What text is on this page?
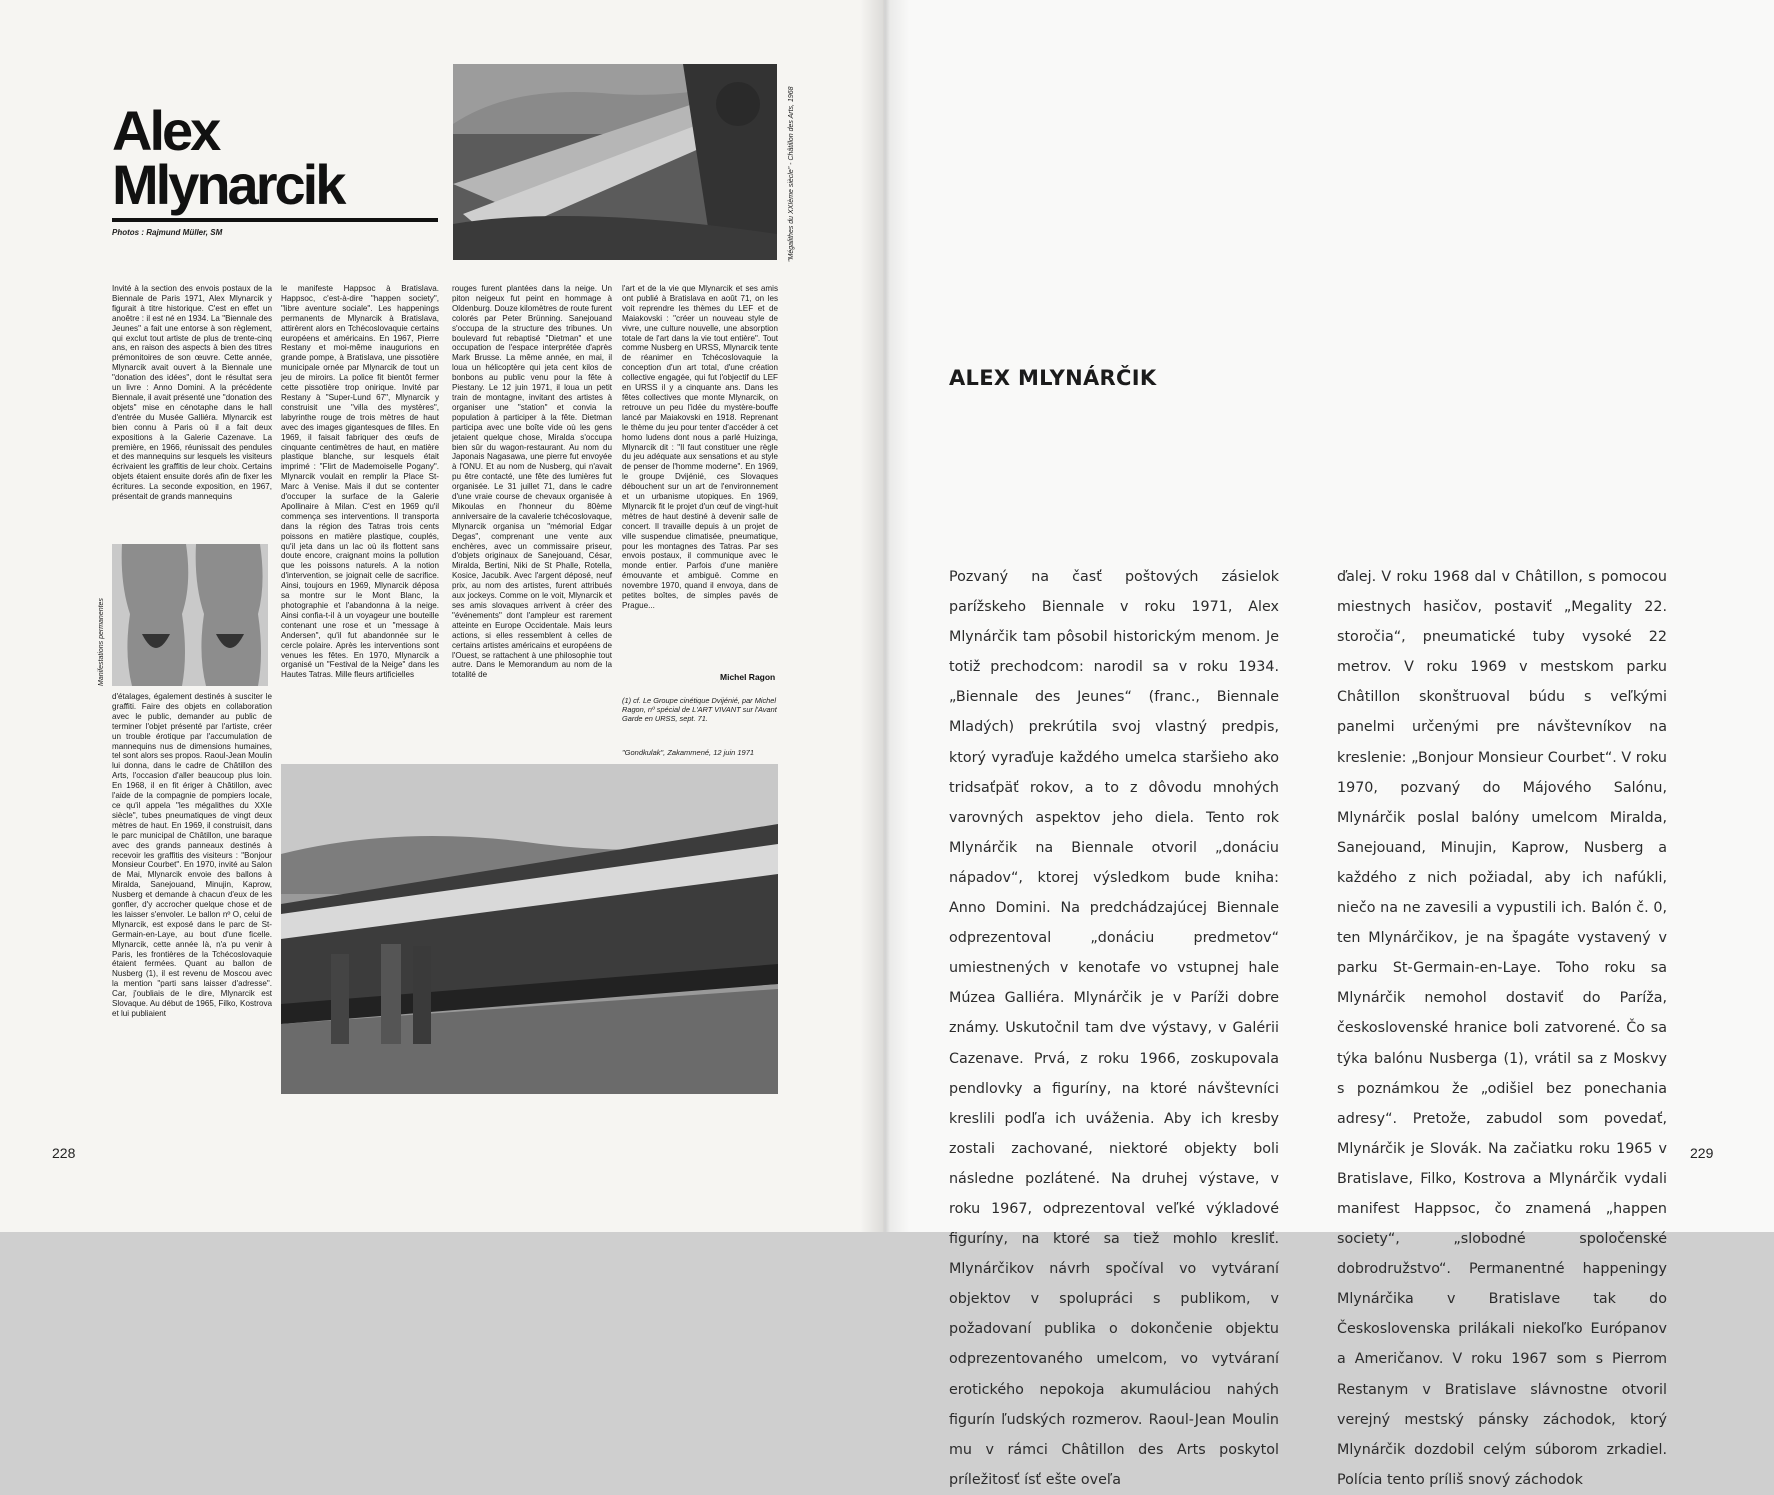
Alex
Mlynarcik
Photos : Rajmund Müller, SM	"Mégalithes du XXIème siècle" - Châtillon des Arts, 1968

Invité à la section des envois postaux de la Biennale de Paris 1971, Alex Mlynarcik y figurait à titre historique. C'est en effet un anoêtre : il est né en 1934. La "Biennale des Jeunes" a fait une entorse à son règlement, qui exclut tout artiste de plus de trente-cinq ans, en raison des aspects à bien des titres prémonitoires de son œuvre. Cette année, Mlynarcik avait ouvert à la Biennale une "donation des idées", dont le résultat sera un livre : Anno Domini. A la précédente Biennale, il avait présenté une "donation des objets" mise en cénotaphe dans le hall d'entrée du Musée Galliéra. Mlynarcik est bien connu à Paris où il a fait deux expositions à la Galerie Cazenave. La première, en 1966, réunissait des pendules et des mannequins sur lesquels les visiteurs écrivaient les graffitis de leur choix. Certains objets étaient ensuite dorés afin de fixer les écritures. La seconde exposition, en 1967, présentait de grands mannequins

Manifestations permanentes

d'étalages, également destinés à susciter le graffiti. Faire des objets en collaboration avec le public, demander au public de terminer l'objet présenté par l'artiste, créer un trouble érotique par l'accumulation de mannequins nus de dimensions humaines, tel sont alors ses propos. Raoul-Jean Moulin lui donna, dans le cadre de Châtillon des Arts, l'occasion d'aller beaucoup plus loin. En 1968, il en fit ériger à Châtillon, avec l'aide de la compagnie de pompiers locale, ce qu'il appela "les mégalithes du XXIe siècle", tubes pneumatiques de vingt deux mètres de haut. En 1969, il construisit, dans le parc municipal de Châtillon, une baraque avec des grands panneaux destinés à recevoir les graffitis des visiteurs : "Bonjour Monsieur Courbet". En 1970, invité au Salon de Mai, Mlynarcik envoie des ballons à Miralda, Sanejouand, Minujin, Kaprow, Nusberg et demande à chacun d'eux de les gonfler, d'y accrocher quelque chose et de les laisser s'envoler. Le ballon nº O, celui de Mlynarcik, est exposé dans le parc de St-Germain-en-Laye, au bout d'une ficelle. Mlynarcik, cette année là, n'a pu venir à Paris, les frontières de la Tchécoslovaquie étaient fermées. Quant au ballon de Nusberg (1), il est revenu de Moscou avec la mention "parti sans laisser d'adresse". Car, j'oubliais de le dire, Mlynarcik est Slovaque. Au début de 1965, Filko, Kostrova et lui publiaient

le manifeste Happsoc à Bratislava. Happsoc, c'est-à-dire "happen society", "libre aventure sociale". Les happenings permanents de Mlynarcik à Bratislava, attirèrent alors en Tchécoslovaquie certains européens et américains. En 1967, Pierre Restany et moi-même inaugurions en grande pompe, à Bratislava, une pissotière municipale ornée par Mlynarcik de tout un jeu de miroirs. La police fit bientôt fermer cette pissotière trop onirique. Invité par Restany à "Super-Lund 67", Mlynarcik y construisit une "villa des mystères", labyrinthe rouge de trois mètres de haut avec des images gigantesques de filles. En 1969, il faisait fabriquer des œufs de cinquante centimètres de haut, en matière plastique blanche, sur lesquels était imprimé : "Flirt de Mademoiselle Pogany". Mlynarcik voulait en remplir la Place St-Marc à Venise. Mais il dut se contenter d'occuper la surface de la Galerie Apollinaire à Milan. C'est en 1969 qu'il commença ses interventions. Il transporta dans la région des Tatras trois cents poissons en matière plastique, couplés, qu'il jeta dans un lac où ils flottent sans doute encore, craignant moins la pollution que les poissons naturels. A la notion d'intervention, se joignait celle de sacrifice. Ainsi, toujours en 1969, Mlynarcik déposa sa montre sur le Mont Blanc, la photographie et l'abandonna à la neige. Ainsi confia-t-il à un voyageur une bouteille contenant une rose et un "message à Andersen", qu'il fut abandonnée sur le cercle polaire. Après les interventions sont venues les fêtes. En 1970, Mlynarcik a organisé un "Festival de la Neige" dans les Hautes Tatras. Mille fleurs artificielles

rouges furent plantées dans la neige. Un piton neigeux fut peint en hommage à Oldenburg. Douze kilomètres de route furent colorés par Peter Brünning. Sanejouand s'occupa de la structure des tribunes. Un boulevard fut rebaptisé "Dietman" et une occupation de l'espace interprétée d'après Mark Brusse. La même année, en mai, il loua un hélicoptère qui jeta cent kilos de bonbons au public venu pour la fête à Piestany. Le 12 juin 1971, il loua un petit train de montagne, invitant des artistes à organiser une "station" et convia la population à participer à la fête. Dietman participa avec une boîte vide où les gens jetaient quelque chose, Miralda s'occupa bien sûr du wagon-restaurant. Au nom du Japonais Nagasawa, une pierre fut envoyée à l'ONU. Et au nom de Nusberg, qui n'avait pu être contacté, une fête des lumières fut organisée. Le 31 juillet 71, dans le cadre d'une vraie course de chevaux organisée à Mikoulas en l'honneur du 80ème anniversaire de la cavalerie tchécoslovaque, Mlynarcik organisa un "mémorial Edgar Degas", comprenant une vente aux enchères, avec un commissaire priseur, d'objets originaux de Sanejouand, César, Miralda, Bertini, Niki de St Phalle, Rotella, Kosice, Jacubik. Avec l'argent déposé, neuf prix, au nom des artistes, furent attribués aux jockeys. Comme on le voit, Mlynarcik et ses amis slovaques arrivent à créer des "événements" dont l'ampleur est rarement atteinte en Europe Occidentale. Mais leurs actions, si elles ressemblent à celles de certains artistes américains et européens de l'Ouest, se rattachent à une philosophie tout autre. Dans le Memorandum au nom de la totalité de

l'art et de la vie que Mlynarcik et ses amis ont publié à Bratislava en août 71, on les voit reprendre les thèmes du LEF et de Maiakovski : "créer un nouveau style de vivre, une culture nouvelle, une absorption totale de l'art dans la vie tout entière". Tout comme Nusberg en URSS, Mlynarcik tente de réanimer en Tchécoslovaquie la conception d'un art total, d'une création collective engagée, qui fut l'objectif du LEF en URSS il y a cinquante ans. Dans les fêtes collectives que monte Mlynarcik, on retrouve un peu l'idée du mystère-bouffe lancé par Maiakovski en 1918. Reprenant le thème du jeu pour tenter d'accéder à cet homo ludens dont nous a parlé Huizinga, Mlynarcik dit : "Il faut constituer une règle du jeu adéquate aux sensations et au style de penser de l'homme moderne". En 1969, le groupe Dvijénié, ces Slovaques débouchent sur un art de l'environnement et un urbanisme utopiques. En 1969, Mlynarcik fit le projet d'un œuf de vingt-huit mètres de haut destiné à devenir salle de concert. Il travaille depuis à un projet de ville suspendue climatisée, pneumatique, pour les montagnes des Tatras. Par ses envois postaux, il communique avec le monde entier. Parfois d'une manière émouvante et ambiguë. Comme en novembre 1970, quand il envoya, dans de petites boîtes, de simples pavés de Prague...

Michel Ragon
(1) cf. Le Groupe cinétique Dvijénié, par Michel Ragon, nº spécial de L'ART VIVANT sur l'Avant Garde en URSS, sept. 71.
"Gondkulak", Zakammené, 12 juin 1971
228
ALEX MLYNÁRČIK
Pozvaný na časť poštových zásielok parížskeho Biennale v roku 1971, Alex Mlynárčik tam pôsobil historickým menom. Je totiž prechodcom: narodil sa v roku 1934. „Biennale des Jeunes“ (franc., Biennale Mladých) prekrútila svoj vlastný predpis, ktorý vyraďuje každého umelca staršieho ako tridsaťpäť rokov, a to z dôvodu mnohých varovných aspektov jeho diela. Tento rok Mlynárčik na Biennale otvoril „donáciu nápadov“, ktorej výsledkom bude kniha: Anno Domini. Na predchádzajúcej Biennale odprezentoval „donáciu predmetov“ umiestnených v kenotafe vo vstupnej hale Múzea Galliéra. Mlynárčik je v Paríži dobre známy. Uskutočnil tam dve výstavy, v Galérii Cazenave. Prvá, z roku 1966, zoskupovala pendlovky a figuríny, na ktoré návštevníci kreslili podľa ich uváženia. Aby ich kresby zostali zachované, niektoré objekty boli následne pozlátené. Na druhej výstave, v roku 1967, odprezentoval veľké výkladové figuríny, na ktoré sa tiež mohlo kresliť. Mlynárčikov návrh spočíval vo vytváraní objektov v spolupráci s publikom, v požadovaní publika o dokončenie objektu odprezentovaného umelcom, vo vytváraní erotického nepokoja akumuláciou nahých figurín ľudských rozmerov. Raoul-Jean Moulin mu v rámci Châtillon des Arts poskytol príležitosť ísť ešte oveľa
ďalej. V roku 1968 dal v Châtillon, s pomocou miestnych hasičov, postaviť „Megality 22. storočia“, pneumatické tuby vysoké 22 metrov. V roku 1969 v mestskom parku Châtillon skonštruoval búdu s veľkými panelmi určenými pre návštevníkov na kreslenie: „Bonjour Monsieur Courbet“. V roku 1970, pozvaný do Májového Salónu, Mlynárčik poslal balóny umelcom Miralda, Sanejouand, Minujin, Kaprow, Nusberg a každého z nich požiadal, aby ich nafúkli, niečo na ne zavesili a vypustili ich. Balón č. 0, ten Mlynárčikov, je na špagáte vystavený v parku St-Germain-en-Laye. Toho roku sa Mlynárčik nemohol dostaviť do Paríža, československé hranice boli zatvorené. Čo sa týka balónu Nusberga (1), vrátil sa z Moskvy s poznámkou že „odišiel bez ponechania adresy“. Pretože, zabudol som povedať, Mlynárčik je Slovák. Na začiatku roku 1965 v Bratislave, Filko, Kostrova a Mlynárčik vydali manifest Happsoc, čo znamená „happen society“, „slobodné spoločenské dobrodružstvo“. Permanentné happeningy Mlynárčika v Bratislave tak do Československa prilákali niekoľko Európanov a Američanov. V roku 1967 som s Pierrom Restanym v Bratislave slávnostne otvoril verejný mestský pánsky záchodok, ktorý Mlynárčik dozdobil celým súborom zrkadiel. Polícia tento príliš snový záchodok
229
